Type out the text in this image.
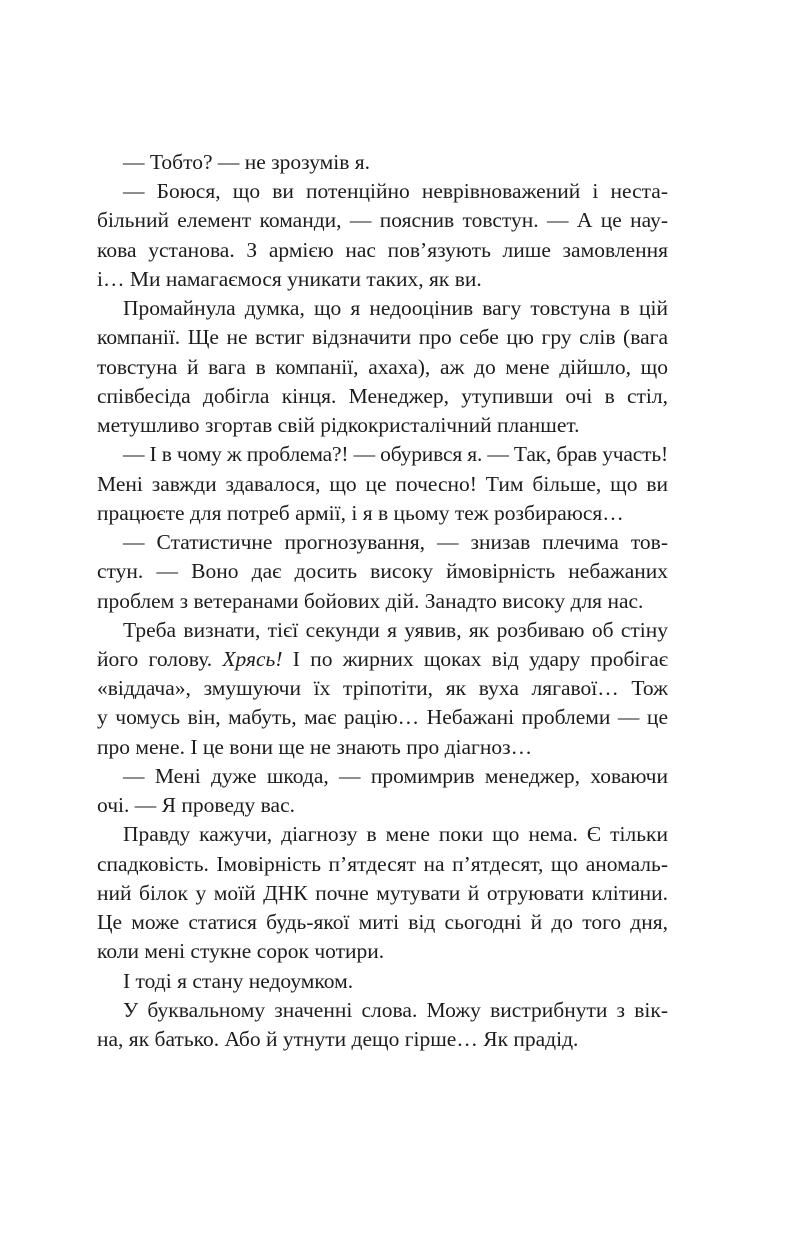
— Тобто? — не зрозумів я.
— Боюся, що ви потенційно неврівноважений і неста-
більний елемент команди, — пояснив товстун. — А це нау-
кова установа. З армією нас пов’язують лише замовлення
і… Ми намагаємося уникати таких, як ви.
Промайнула думка, що я недооцінив вагу товстуна в цій
компанії. Ще не встиг відзначити про себе цю гру слів (вага
товстуна й вага в компанії, ахаха), аж до мене дійшло, що
співбесіда добігла кінця. Менеджер, утупивши очі в стіл,
метушливо згортав свій рідкокристалічний планшет.
— І в чому ж проблема?! — обурився я. — Так, брав участь!
Мені завжди здавалося, що це почесно! Тим більше, що ви
працюєте для потреб армії, і я в цьому теж розбираюся…
— Статистичне прогнозування, — знизав плечима тов-
стун. — Воно дає досить високу ймовірність небажаних
проблем з ветеранами бойових дій. Занадто високу для нас.
Треба визнати, тієї секунди я уявив, як розбиваю об стіну
його голову. Хрясь! І по жирних щоках від удару пробігає
«віддача», змушуючи їх тріпотіти, як вуха лягавої… Тож
у чомусь він, мабуть, має рацію… Небажані проблеми — це
про мене. І це вони ще не знають про діагноз…
— Мені дуже шкода, — промимрив менеджер, ховаючи
очі. — Я проведу вас.
Правду кажучи, діагнозу в мене поки що нема. Є тільки
спадковість. Імовірність п’ятдесят на п’ятдесят, що аномаль-
ний білок у моїй ДНК почне мутувати й отруювати клітини.
Це може статися будь-якої миті від сьогодні й до того дня,
коли мені стукне сорок чотири.
І тоді я стану недоумком.
У буквальному значенні слова. Можу вистрибнути з вік-
на, як батько. Або й утнути дещо гірше… Як прадід.
